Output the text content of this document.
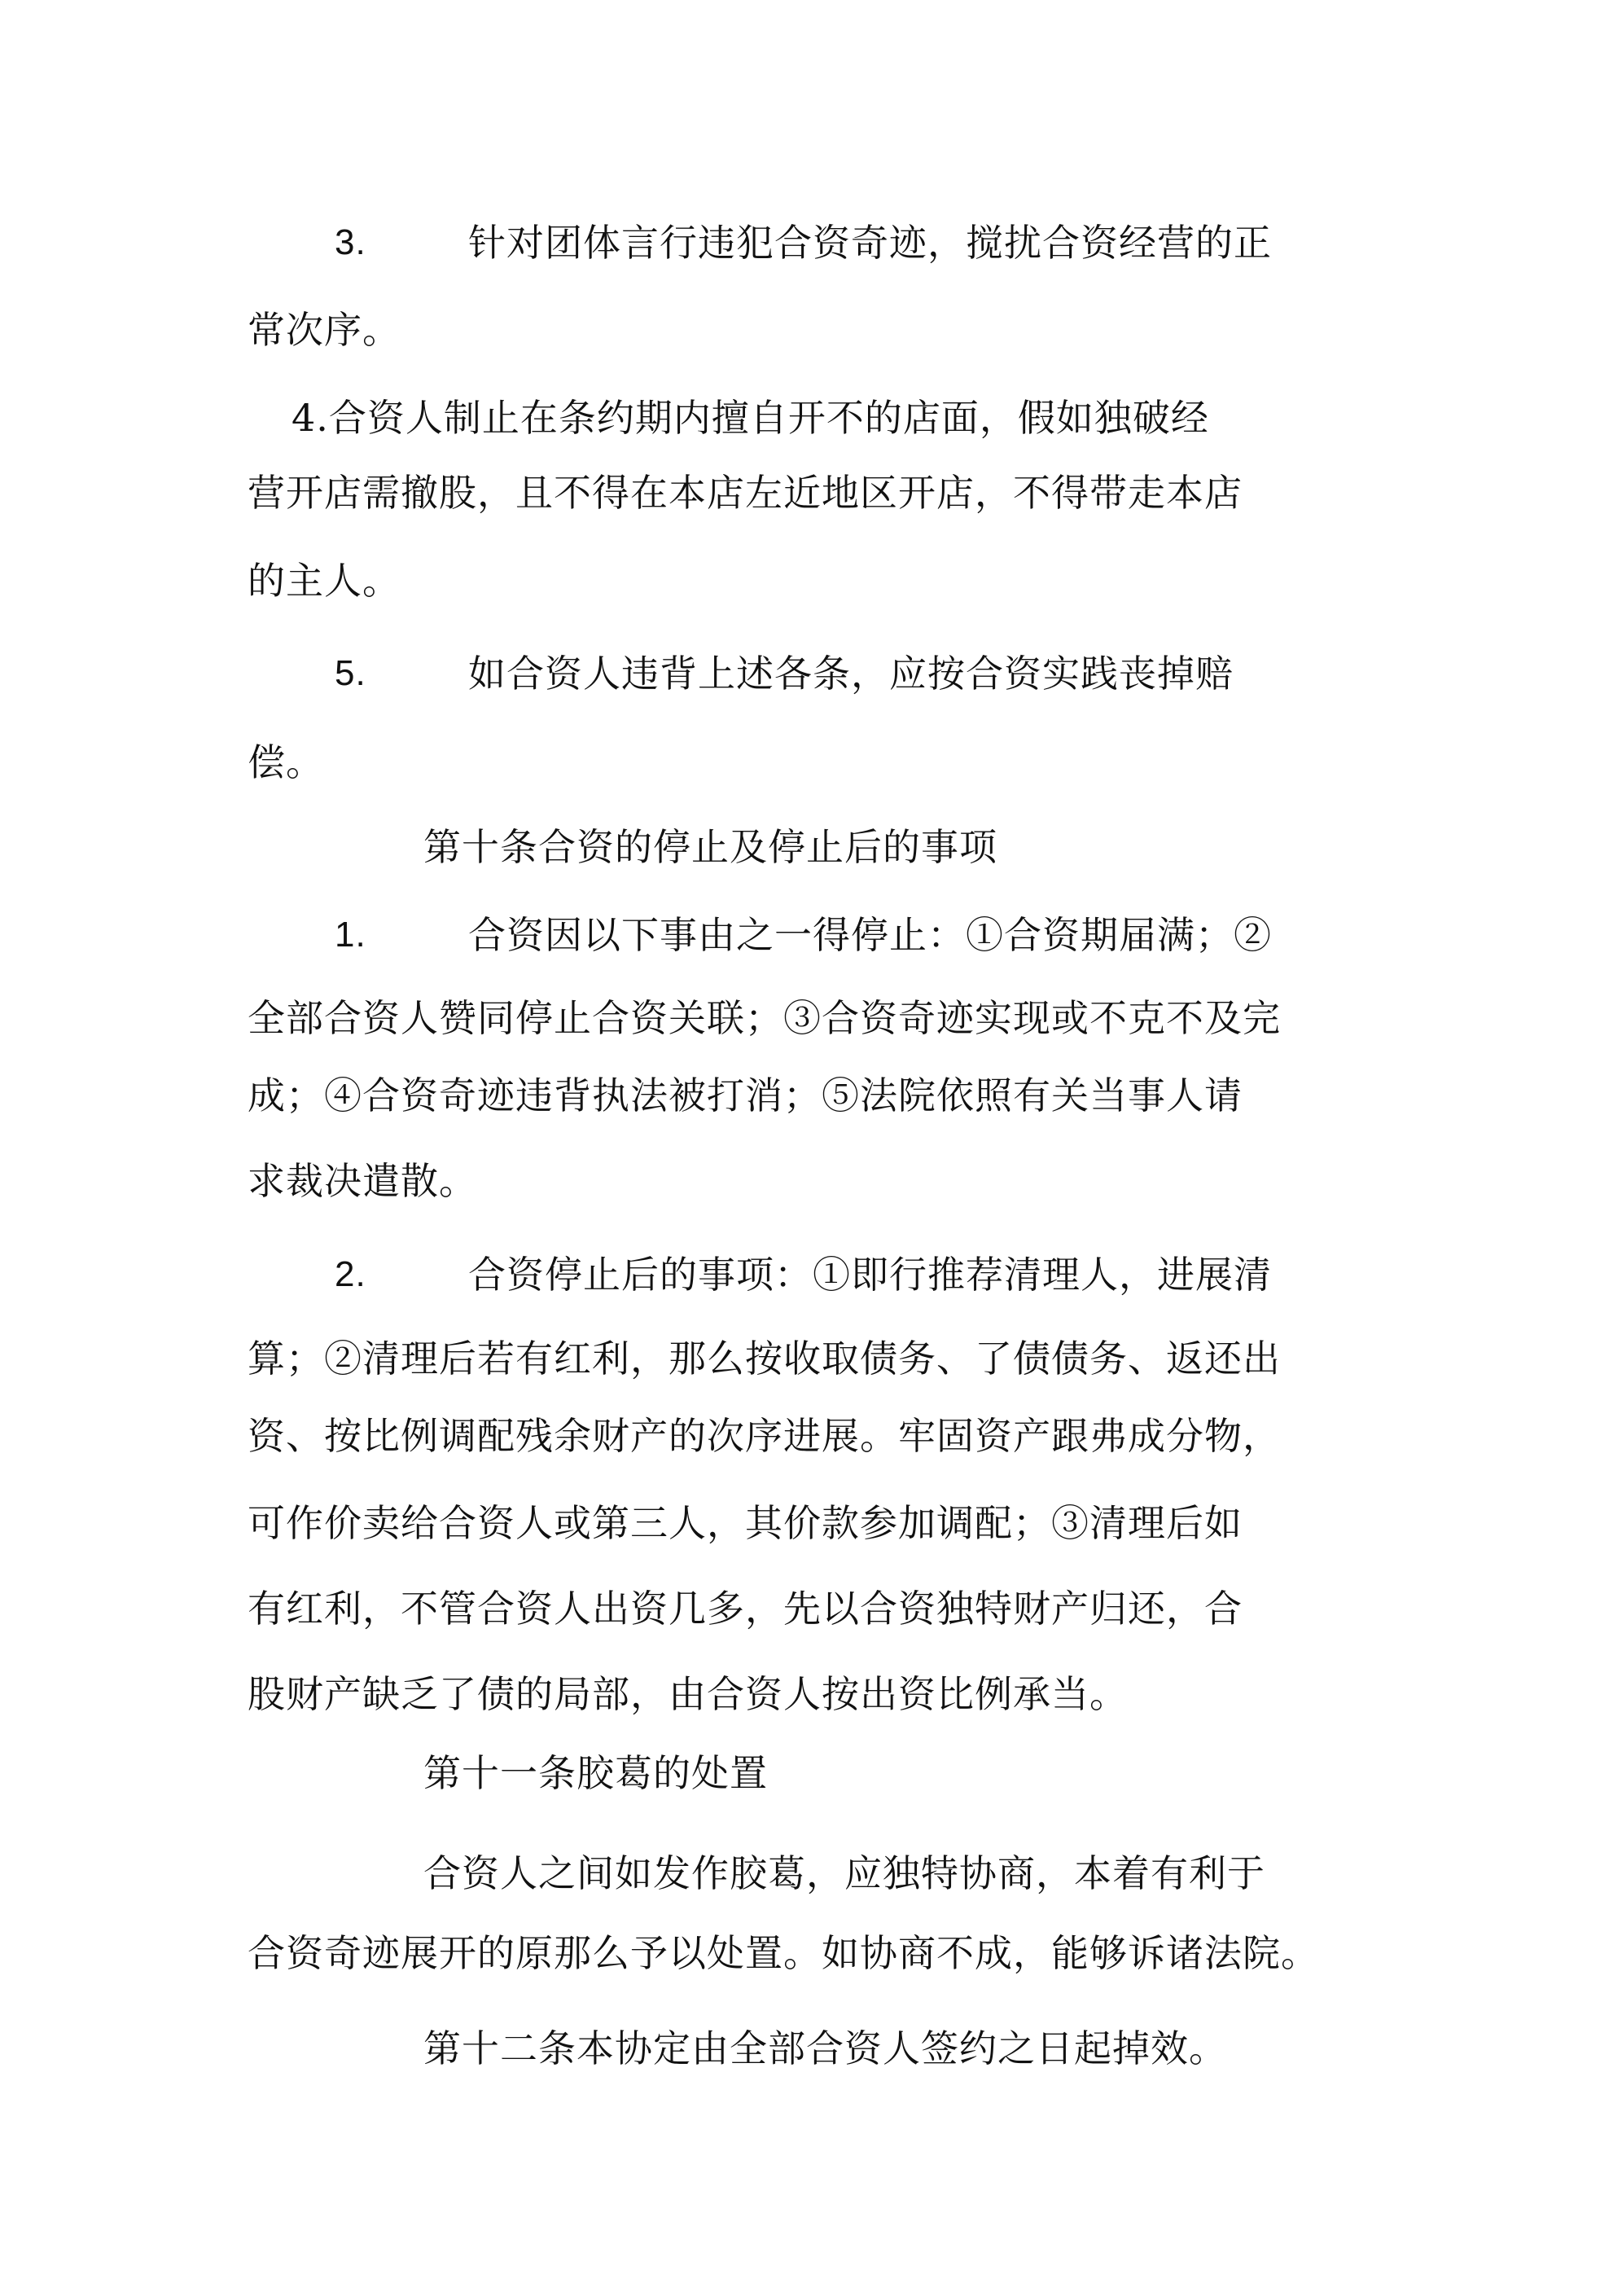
3.	针对团体言行违犯合资奇迹，搅扰合资经营的正
常次序。
4.合资人制止在条约期内擅自开不的店面，假如独破经
营开店需撤股，且不得在本店左近地区开店，不得带走本店
的主人。
5.	如合资人违背上述各条，应按合资实践丧掉赔
偿。
第十条合资的停止及停止后的事项
1.	合资因以下事由之一得停止：①合资期届满；②
全部合资人赞同停止合资关联；③合资奇迹实现或不克不及完
成；④合资奇迹违背执法被打消；⑤法院依照有关当事人请
求裁决遣散。
2.	合资停止后的事项：①即行推荐清理人，进展清
算；②清理后若有红利，那么按收取债务、了债债务、返还出
资、按比例调配残余财产的次序进展。牢固资产跟弗成分物，
可作价卖给合资人或第三人，其价款参加调配；③清理后如
有红利，不管合资人出资几多，先以合资独特财产归还，合
股财产缺乏了债的局部，由合资人按出资比例承当。
第十一条胶葛的处置
合资人之间如发作胶葛，应独特协商，本着有利于
合资奇迹展开的原那么予以处置。如协商不成，能够诉诸法院。
第十二条本协定由全部合资人签约之日起掉效。
